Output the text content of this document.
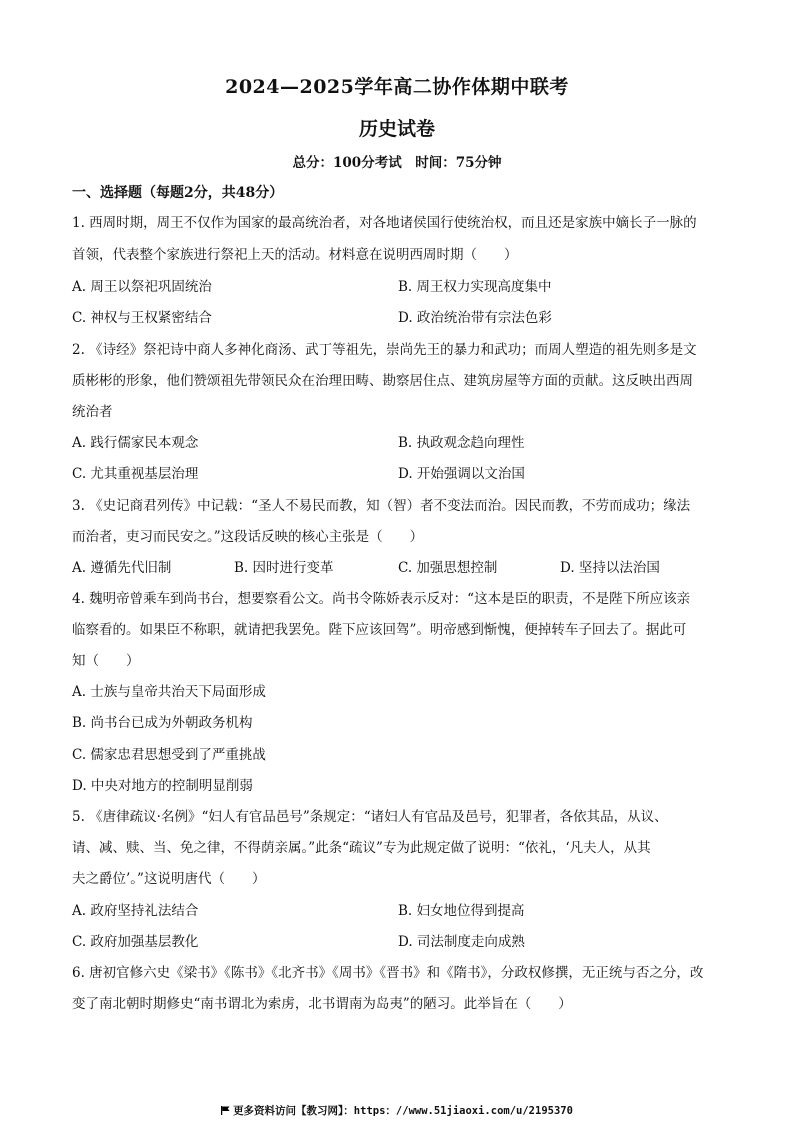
2024—2025学年高二协作体期中联考
历史试卷
总分：100分考试　时间：75分钟
一、选择题（每题2分，共48分）
1. 西周时期，周王不仅作为国家的最高统治者，对各地诸侯国行使统治权，而且还是家族中嫡长子一脉的
首领，代表整个家族进行祭祀上天的活动。材料意在说明西周时期（　　）
A. 周王以祭祀巩固统治	B. 周王权力实现高度集中
C. 神权与王权紧密结合	D. 政治统治带有宗法色彩
2. 《诗经》祭祀诗中商人多神化商汤、武丁等祖先，崇尚先王的暴力和武功；而周人塑造的祖先则多是文
质彬彬的形象，他们赞颂祖先带领民众在治理田畴、勘察居住点、建筑房屋等方面的贡献。这反映出西周
统治者
A. 践行儒家民本观念	B. 执政观念趋向理性
C. 尤其重视基层治理	D. 开始强调以文治国
3. 《史记商君列传》中记载：“圣人不易民而教，知（智）者不变法而治。因民而教，不劳而成功；缘法
而治者，吏习而民安之。”这段话反映的核心主张是（　　）
A. 遵循先代旧制	B. 因时进行变革	C. 加强思想控制	D. 坚持以法治国
4. 魏明帝曾乘车到尚书台，想要察看公文。尚书令陈娇表示反对：“这本是臣的职责，不是陛下所应该亲
临察看的。如果臣不称职，就请把我罢免。陛下应该回驾”。明帝感到惭愧，便掉转车子回去了。据此可
知（　　）
A. 士族与皇帝共治天下局面形成
B. 尚书台已成为外朝政务机构
C. 儒家忠君思想受到了严重挑战
D. 中央对地方的控制明显削弱
5. 《唐律疏议·名例》“妇人有官品邑号”条规定：“诸妇人有官品及邑号，犯罪者，各依其品，从议、
请、减、赎、当、免之律，不得荫亲属。”此条“疏议”专为此规定做了说明：“依礼，‘凡夫人，从其
夫之爵位’。”这说明唐代（　　）
A. 政府坚持礼法结合	B. 妇女地位得到提高
C. 政府加强基层教化	D. 司法制度走向成熟
6. 唐初官修六史《梁书》《陈书》《北齐书》《周书》《晋书》和《隋书》，分政权修撰，无正统与否之分，改
变了南北朝时期修史“南书谓北为索虏，北书谓南为岛夷”的陋习。此举旨在（　　）
更多资料访问【教习网】：https：//www.51jiaoxi.com/u/2195370
